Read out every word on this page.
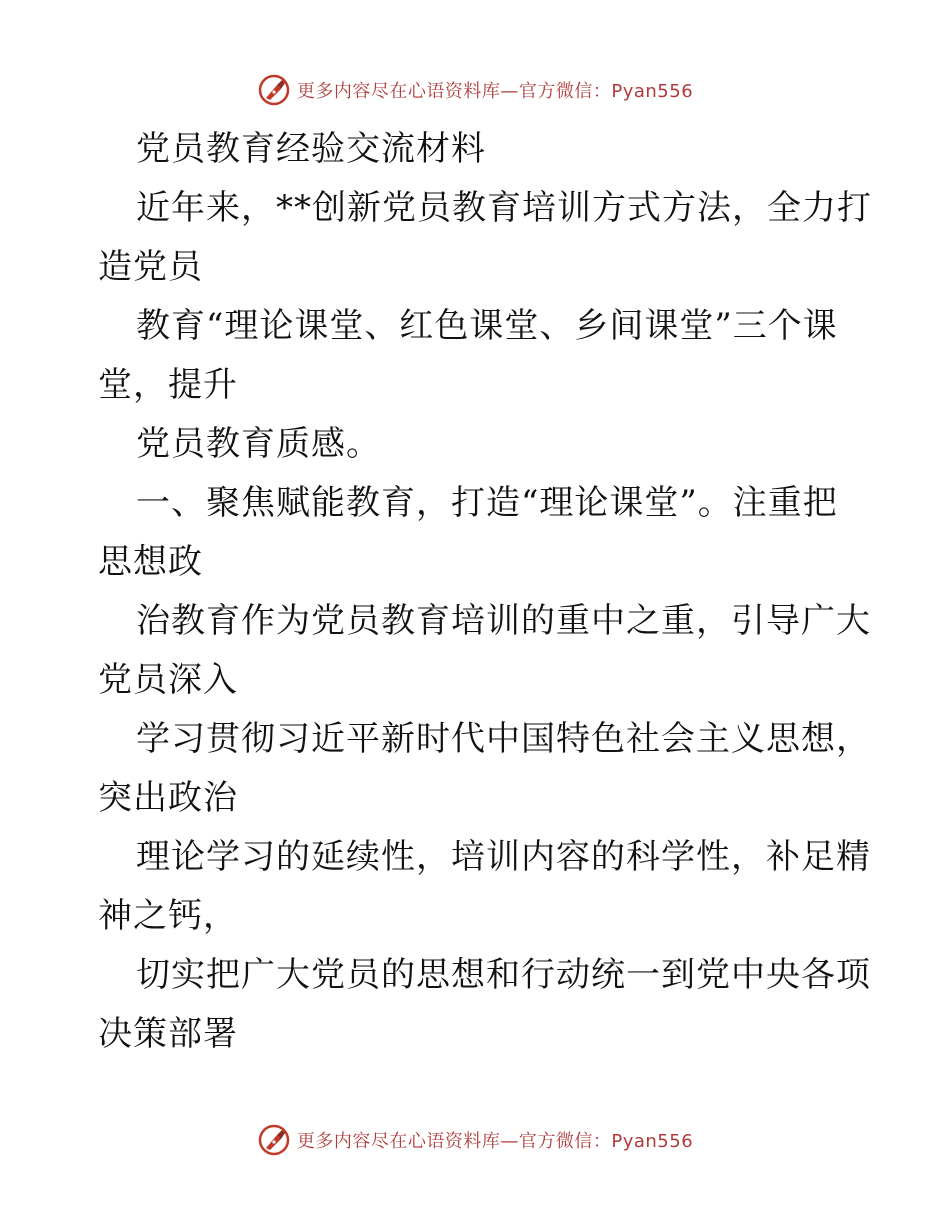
更多内容尽在心语资料库—官方微信：Pyan556
党员教育经验交流材料
近年来，**创新党员教育培训方式方法，全力打
造党员
教育“理论课堂、红色课堂、乡间课堂”三个课
堂，提升
党员教育质感。
一、聚焦赋能教育，打造“理论课堂”。注重把
思想政
治教育作为党员教育培训的重中之重，引导广大
党员深入
学习贯彻习近平新时代中国特色社会主义思想，
突出政治
理论学习的延续性，培训内容的科学性，补足精
神之钙，
切实把广大党员的思想和行动统一到党中央各项
决策部署
更多内容尽在心语资料库—官方微信：Pyan556
